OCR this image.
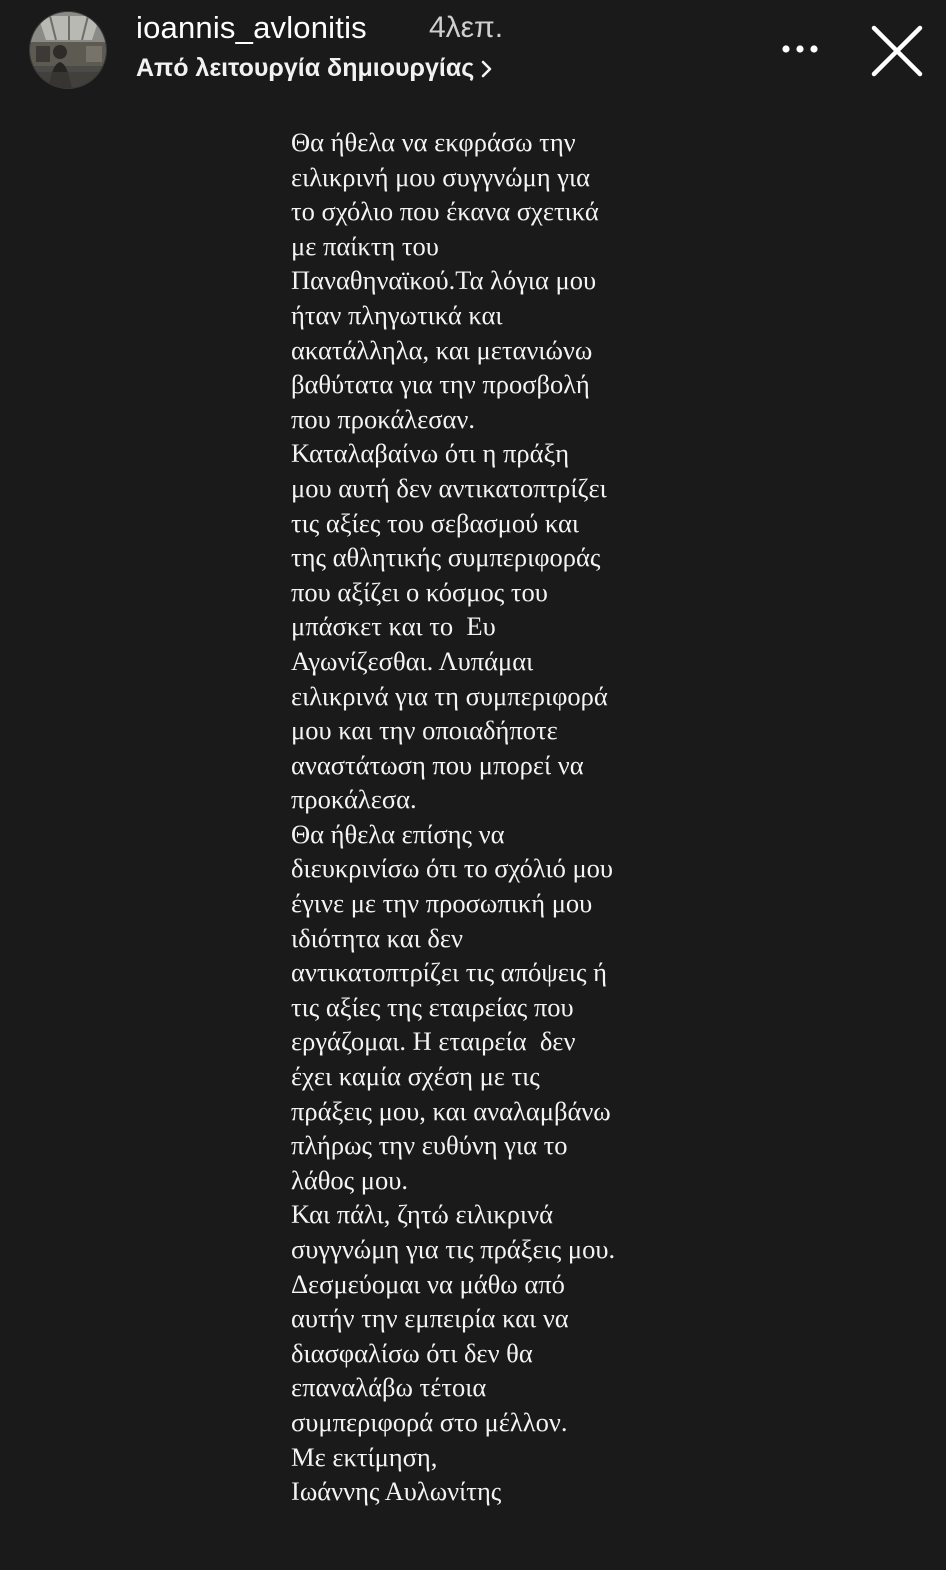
ioannis_avlonitis 4λεπ.
Από λειτουργία δημιουργίας
Θα ήθελα να εκφράσω την
ειλικρινή μου συγγνώμη για
το σχόλιο που έκανα σχετικά
με παίκτη του
Παναθηναϊκού.Τα λόγια μου
ήταν πληγωτικά και
ακατάλληλα, και μετανιώνω
βαθύτατα για την προσβολή
που προκάλεσαν.
Καταλαβαίνω ότι η πράξη
μου αυτή δεν αντικατοπτρίζει
τις αξίες του σεβασμού και
της αθλητικής συμπεριφοράς
που αξίζει ο κόσμος του
μπάσκετ και το  Ευ
Αγωνίζεσθαι. Λυπάμαι
ειλικρινά για τη συμπεριφορά
μου και την οποιαδήποτε
αναστάτωση που μπορεί να
προκάλεσα.
Θα ήθελα επίσης να
διευκρινίσω ότι το σχόλιό μου
έγινε με την προσωπική μου
ιδιότητα και δεν
αντικατοπτρίζει τις απόψεις ή
τις αξίες της εταιρείας που
εργάζομαι. Η εταιρεία  δεν
έχει καμία σχέση με τις
πράξεις μου, και αναλαμβάνω
πλήρως την ευθύνη για το
λάθος μου.
Και πάλι, ζητώ ειλικρινά
συγγνώμη για τις πράξεις μου.
Δεσμεύομαι να μάθω από
αυτήν την εμπειρία και να
διασφαλίσω ότι δεν θα
επαναλάβω τέτοια
συμπεριφορά στο μέλλον.
Με εκτίμηση,
Ιωάννης Αυλωνίτης
